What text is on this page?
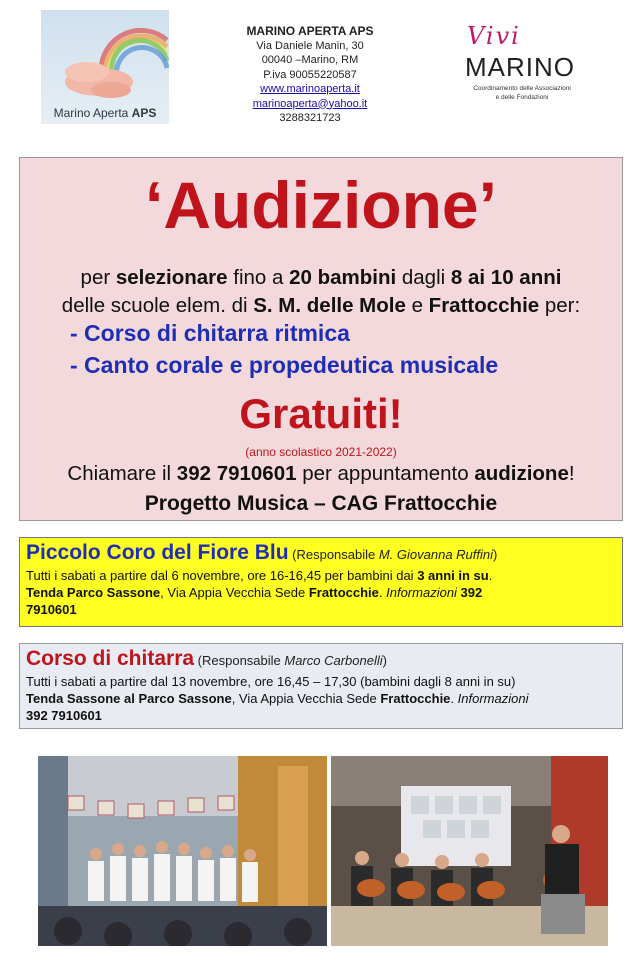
Marino Aperta APS
MARINO APERTA APS
Via Daniele Manin, 30
00040 –Marino, RM
P.iva 90055220587
www.marinoaperta.it
marinoaperta@yahoo.it
3288321723
Vivi
MARINO
Coordinamento delle Associazioni
e delle Fondazioni
‘Audizione’
per selezionare fino a 20 bambini dagli 8 ai 10 anni
delle scuole elem. di S. M. delle Mole e Frattocchie per:
- Corso di chitarra ritmica
- Canto corale e propedeutica musicale
Gratuiti!
(anno scolastico 2021-2022)
Chiamare il 392 7910601 per appuntamento audizione!
Progetto Musica – CAG Frattocchie
Piccolo Coro del Fiore Blu (Responsabile M. Giovanna Ruffini)
Tutti i sabati a partire dal 6 novembre, ore 16-16,45 per bambini dai 3 anni in su.
Tenda Parco Sassone, Via Appia Vecchia Sede Frattocchie. Informazioni 392
7910601
Corso di chitarra (Responsabile Marco Carbonelli)
Tutti i sabati a partire dal 13 novembre, ore 16,45 – 17,30 (bambini dagli 8 anni in su)
Tenda Sassone al Parco Sassone, Via Appia Vecchia Sede Frattocchie. Informazioni
392 7910601
